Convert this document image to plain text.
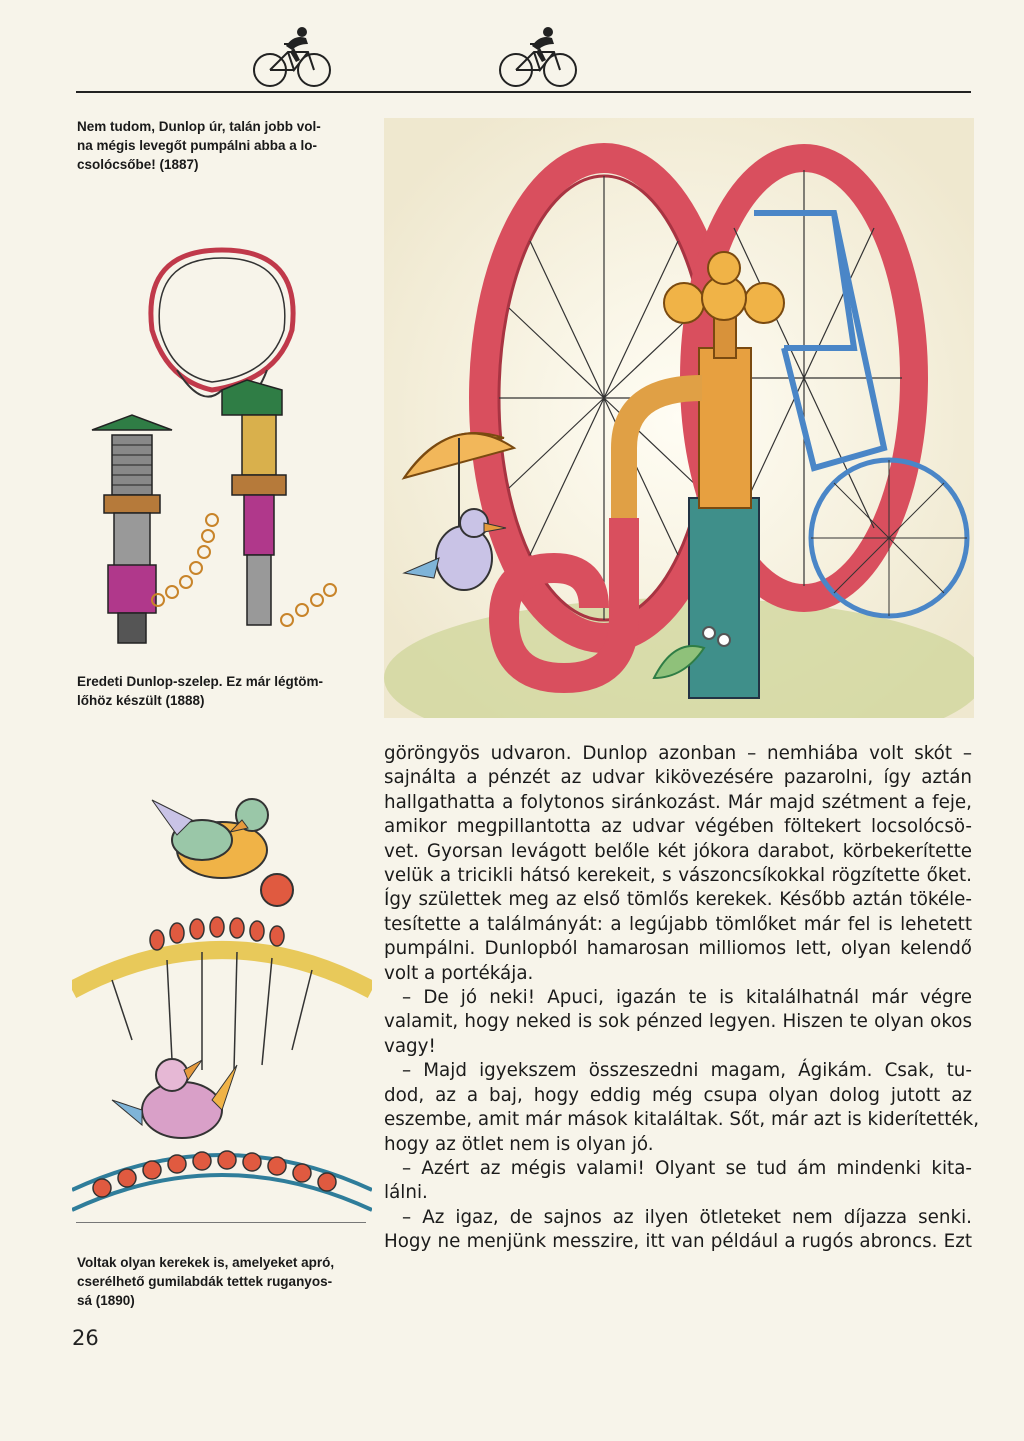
Nem tudom, Dunlop úr, talán jobb vol-
na mégis levegőt pumpálni abba a lo-
csolócsőbe! (1887)
Eredeti Dunlop-szelep. Ez már légtöm-
lőhöz készült (1888)
Voltak olyan kerekek is, amelyeket apró,
cserélhető gumilabdák tettek ruganyos-
sá (1890)
göröngyös udvaron. Dunlop azonban – nemhiába volt skót –
sajnálta a pénzét az udvar kikövezésére pazarolni, így aztán
hallgathatta a folytonos siránkozást. Már majd szétment a feje,
amikor megpillantotta az udvar végében föltekert locsolócsö-
vet. Gyorsan levágott belőle két jókora darabot, körbekerítette
velük a tricikli hátsó kerekeit, s vászoncsíkokkal rögzítette őket.
Így születtek meg az első tömlős kerekek. Később aztán tökéle-
tesítette a találmányát: a legújabb tömlőket már fel is lehetett
pumpálni. Dunlopból hamarosan milliomos lett, olyan kelendő
volt a portékája.
– De jó neki! Apuci, igazán te is kitalálhatnál már végre
valamit, hogy neked is sok pénzed legyen. Hiszen te olyan okos
vagy!
– Majd igyekszem összeszedni magam, Ágikám. Csak, tu-
dod, az a baj, hogy eddig még csupa olyan dolog jutott az
eszembe, amit már mások kitaláltak. Sőt, már azt is kiderítették,
hogy az ötlet nem is olyan jó.
– Azért az mégis valami! Olyant se tud ám mindenki kita-
lálni.
– Az igaz, de sajnos az ilyen ötleteket nem díjazza senki.
Hogy ne menjünk messzire, itt van például a rugós abroncs. Ezt
26
